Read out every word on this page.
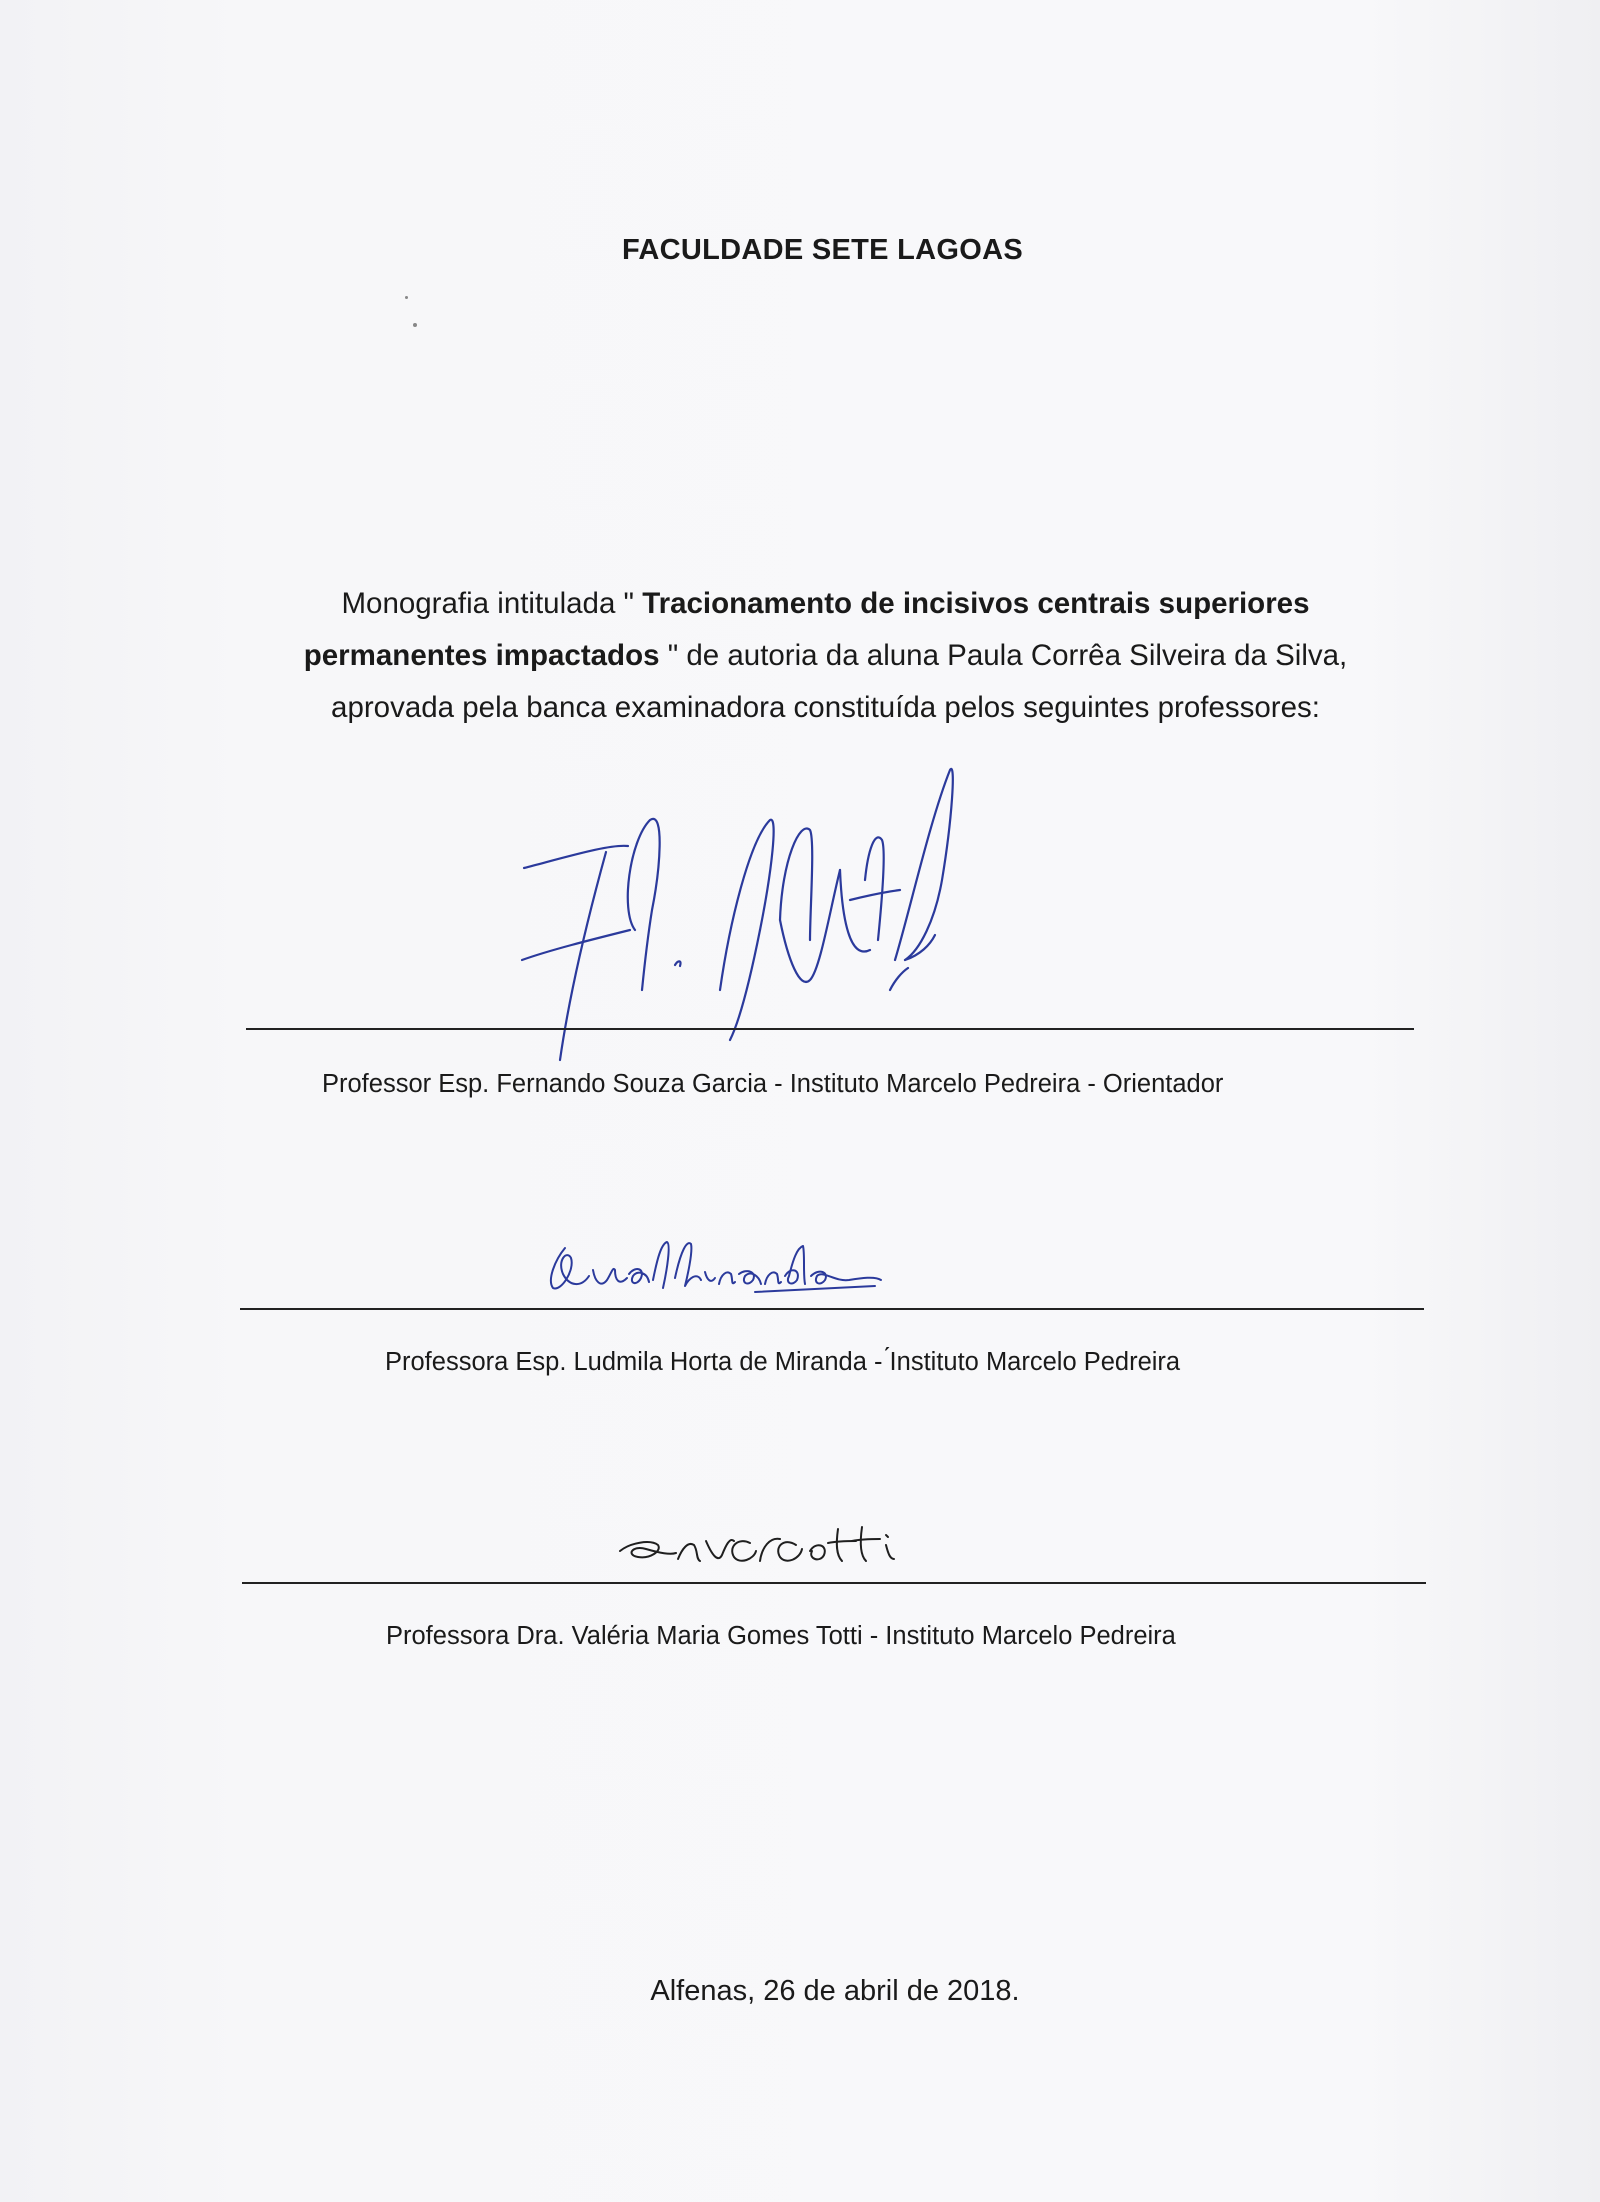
FACULDADE SETE LAGOAS
Monografia intitulada " Tracionamento de incisivos centrais superiores permanentes impactados " de autoria da aluna Paula Corrêa Silveira da Silva, aprovada pela banca examinadora constituída pelos seguintes professores:
Professor Esp. Fernando Souza Garcia - Instituto Marcelo Pedreira - Orientador
Professora Esp. Ludmila Horta de Miranda - ́Instituto Marcelo Pedreira
Professora Dra. Valéria Maria Gomes Totti - Instituto Marcelo Pedreira
Alfenas, 26 de abril de 2018.
